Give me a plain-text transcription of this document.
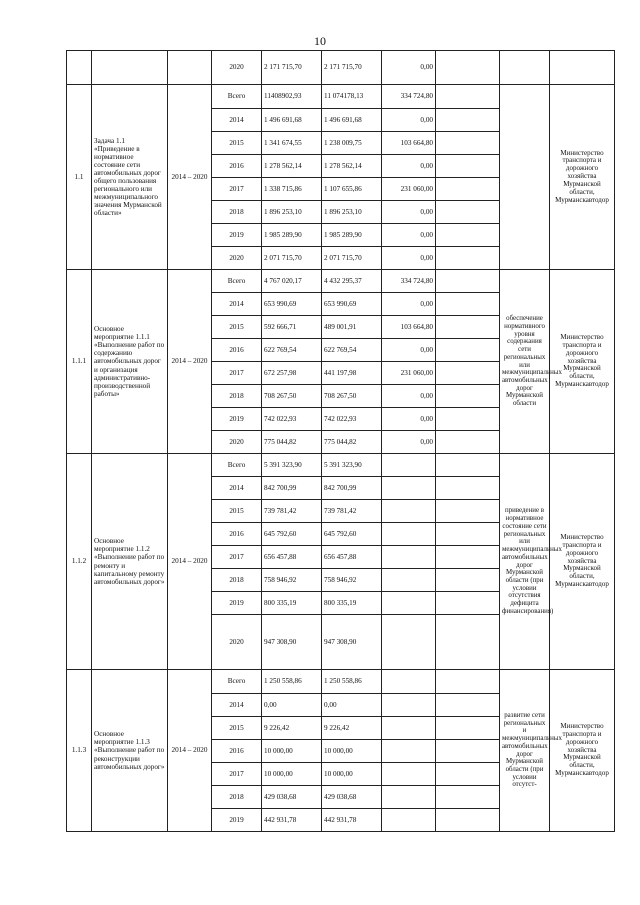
10
			2020	2 171 715,70	2 171 715,70	0,00			
1.1	Задача 1.1 «Приведение в нормативное состояние сети автомобильных дорог общего пользования регионального или межмуниципального значения Мурманской области»	2014 – 2020	Всего	11408902,93	11 074178,13	334 724,80			Министерство транспорта и дорожного хозяйства Мурманской области, Мурманскавтодор
			2014	1 496 691,68	1 496 691,68	0,00			
			2015	1 341 674,55	1 238 009,75	103 664,80			
			2016	1 278 562,14	1 278 562,14	0,00			
			2017	1 338 715,86	1 107 655,86	231 060,00			
			2018	1 896 253,10	1 896 253,10	0,00			
			2019	1 985 289,90	1 985 289,90	0,00			
			2020	2 071 715,70	2 071 715,70	0,00			
1.1.1	Основное мероприятие 1.1.1 «Выполнение работ по содержанию автомобильных дорог и организация административно-производственной работы»	2014 – 2020	Всего	4 767 020,17	4 432 295,37	334 724,80		обеспечение нормативного уровня содержания сети региональных или межмуниципальных автомобильных дорог Мурманской области	Министерство транспорта и дорожного хозяйства Мурманской области, Мурманскавтодор
			2014	653 990,69	653 990,69	0,00			
			2015	592 666,71	489 001,91	103 664,80			
			2016	622 769,54	622 769,54	0,00			
			2017	672 257,98	441 197,98	231 060,00			
			2018	708 267,50	708 267,50	0,00			
			2019	742 022,93	742 022,93	0,00			
			2020	775 044,82	775 044,82	0,00			
1.1.2	Основное мероприятие 1.1.2 «Выполнение работ по ремонту и капитальному ремонту автомобильных дорог»	2014 – 2020	Всего	5 391 323,90	5 391 323,90			приведение в нормативное состояние сети региональных или межмуниципальных автомобильных дорог Мурманской области (при условии отсутствия дефицита финансирования)	Министерство транспорта и дорожного хозяйства Мурманской области, Мурманскавтодор
			2014	842 700,99	842 700,99				
			2015	739 781,42	739 781,42				
			2016	645 792,60	645 792,60				
			2017	656 457,88	656 457,88				
			2018	758 946,92	758 946,92				
			2019	800 335,19	800 335,19				
			2020	947 308,90	947 308,90				
1.1.3	Основное мероприятие 1.1.3 «Выполнение работ по реконструкции автомобильных дорог»	2014 – 2020	Всего	1 250 558,86	1 250 558,86			развитие сети региональных и межмуниципальных автомобильных дорог Мурманской области (при условии отсутст-	Министерство транспорта и дорожного хозяйства Мурманской области, Мурманскавтодор
			2014	0,00	0,00				
			2015	9 226,42	9 226,42				
			2016	10 000,00	10 000,00				
			2017	10 000,00	10 000,00				
			2018	429 038,68	429 038,68				
			2019	442 931,78	442 931,78				
